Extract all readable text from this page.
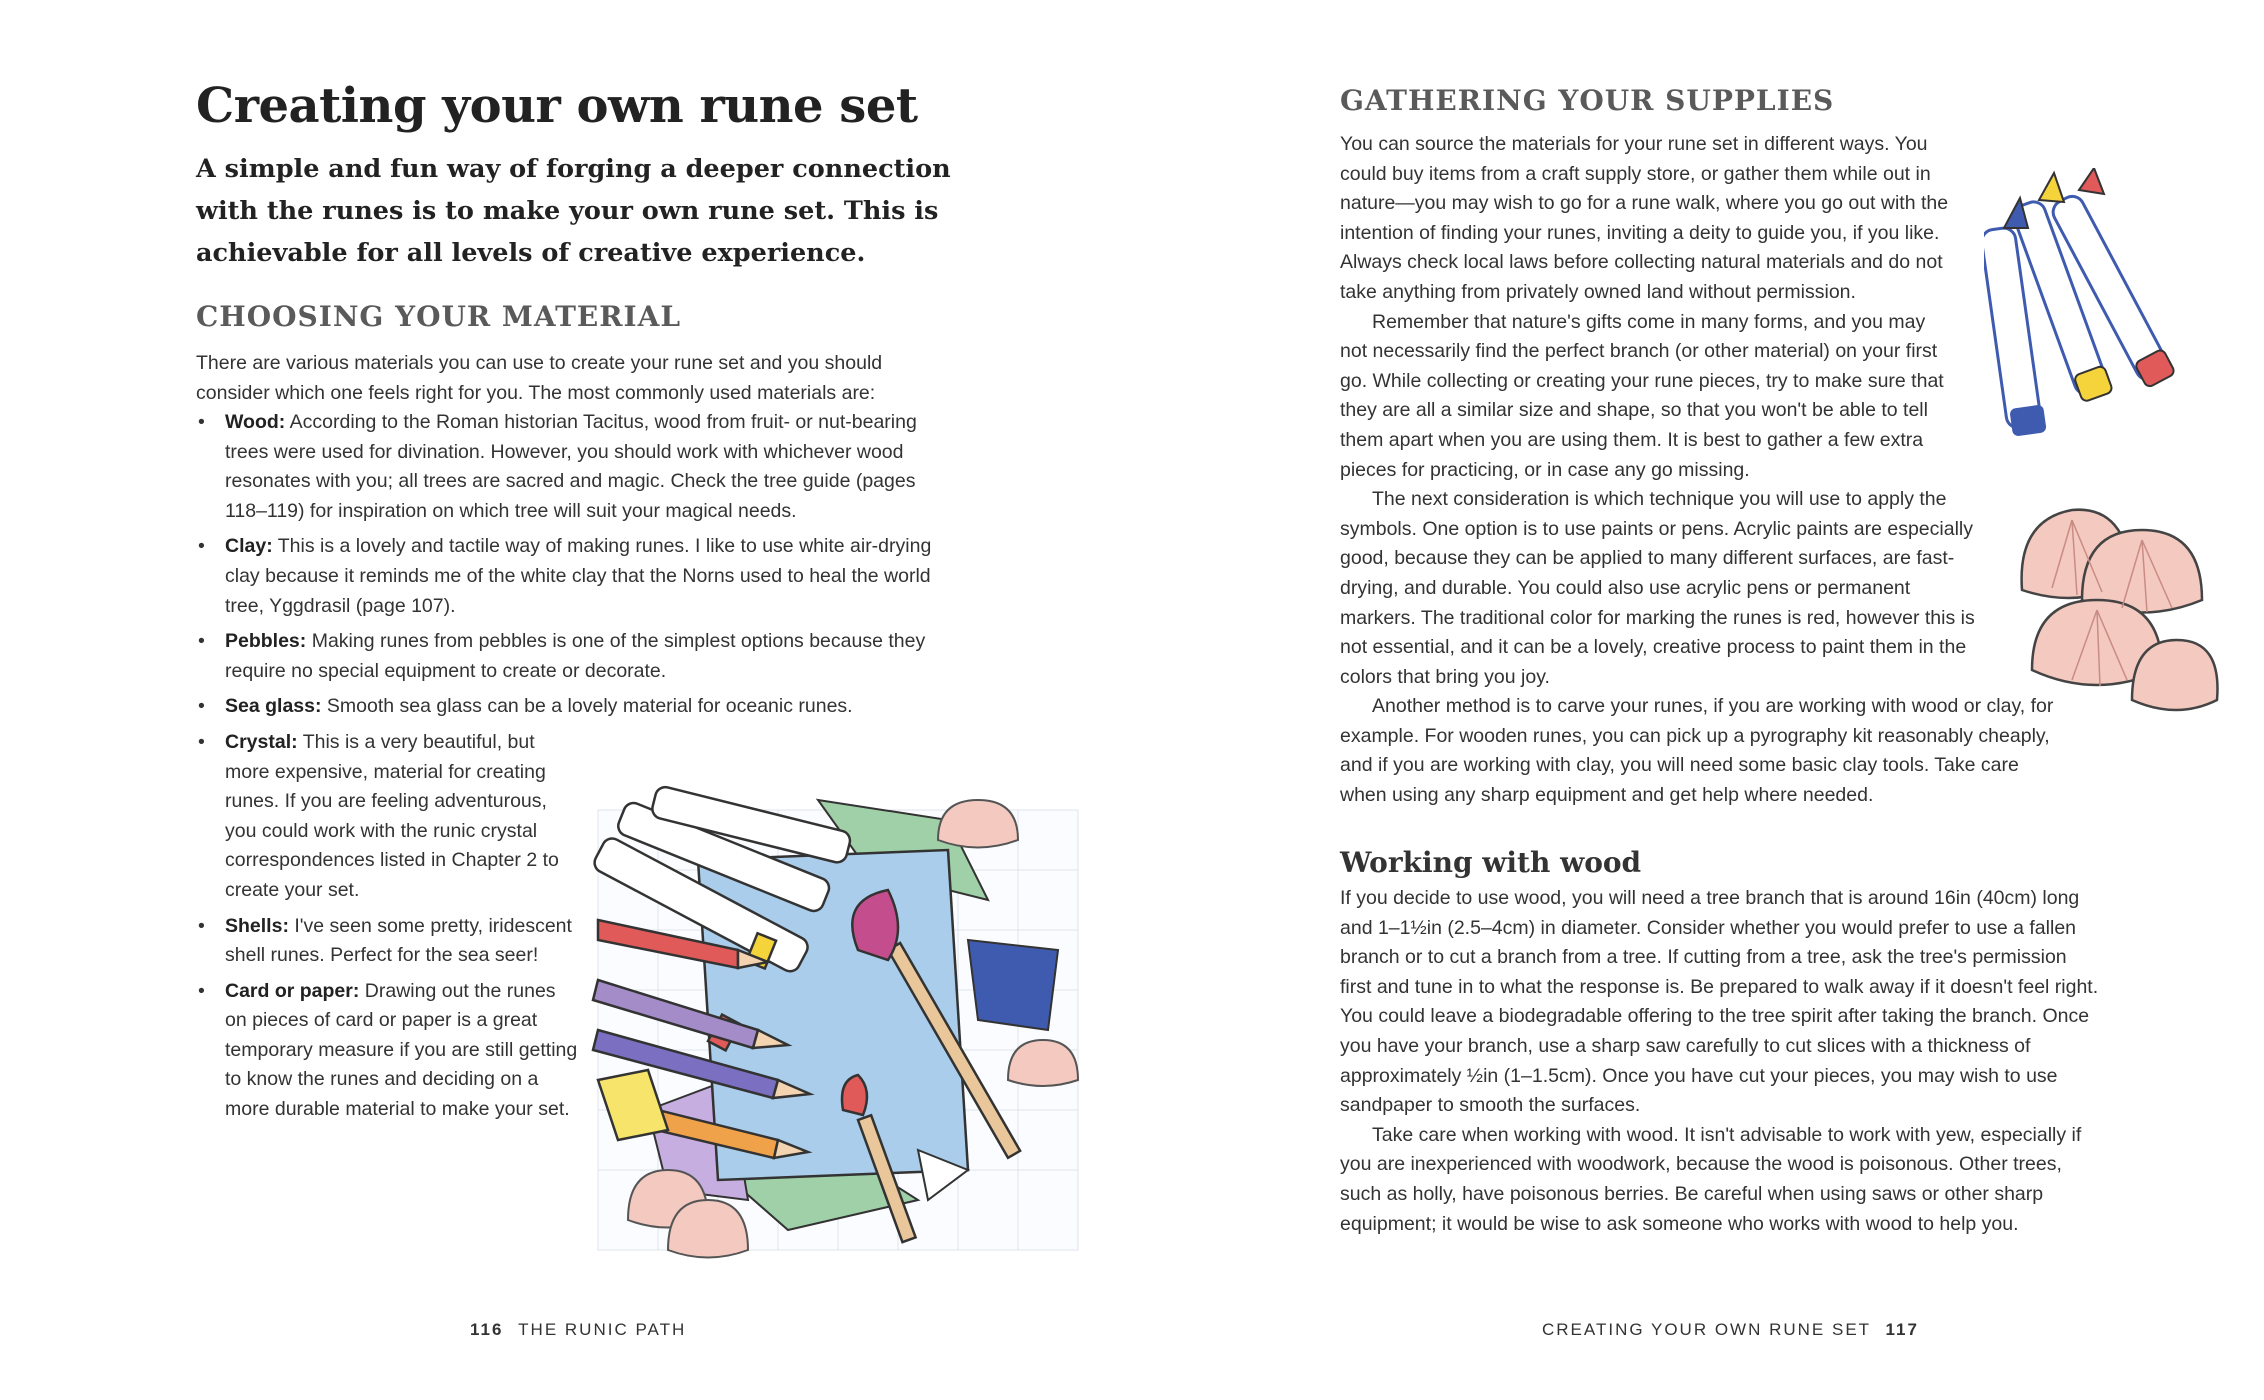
Creating your own rune set

A simple and fun way of forging a deeper connection with the runes is to make your own rune set. This is achievable for all levels of creative experience.

CHOOSING YOUR MATERIAL

There are various materials you can use to create your rune set and you should consider which one feels right for you. The most commonly used materials are:

• Wood: According to the Roman historian Tacitus, wood from fruit- or nut-bearing trees were used for divination. However, you should work with whichever wood resonates with you; all trees are sacred and magic. Check the tree guide (pages 118–119) for inspiration on which tree will suit your magical needs.
• Clay: This is a lovely and tactile way of making runes. I like to use white air-drying clay because it reminds me of the white clay that the Norns used to heal the world tree, Yggdrasil (page 107).
• Pebbles: Making runes from pebbles is one of the simplest options because they require no special equipment to create or decorate.
• Sea glass: Smooth sea glass can be a lovely material for oceanic runes.
• Crystal: This is a very beautiful, but more expensive, material for creating runes. If you are feeling adventurous, you could work with the runic crystal correspondences listed in Chapter 2 to create your set.
• Shells: I've seen some pretty, iridescent shell runes. Perfect for the sea seer!
• Card or paper: Drawing out the runes on pieces of card or paper is a great temporary measure if you are still getting to know the runes and deciding on a more durable material to make your set.
116 THE RUNIC PATH
GATHERING YOUR SUPPLIES

You can source the materials for your rune set in different ways. You could buy items from a craft supply store, or gather them while out in nature—you may wish to go for a rune walk, where you go out with the intention of finding your runes, inviting a deity to guide you, if you like. Always check local laws before collecting natural materials and do not take anything from privately owned land without permission.

Remember that nature's gifts come in many forms, and you may not necessarily find the perfect branch (or other material) on your first go. While collecting or creating your rune pieces, try to make sure that they are all a similar size and shape, so that you won't be able to tell them apart when you are using them. It is best to gather a few extra pieces for practicing, or in case any go missing.

The next consideration is which technique you will use to apply the symbols. One option is to use paints or pens. Acrylic paints are especially good, because they can be applied to many different surfaces, are fast-drying, and durable. You could also use acrylic pens or permanent markers. The traditional color for marking the runes is red, however this is not essential, and it can be a lovely, creative process to paint them in the colors that bring you joy.

Another method is to carve your runes, if you are working with wood or clay, for example. For wooden runes, you can pick up a pyrography kit reasonably cheaply, and if you are working with clay, you will need some basic clay tools. Take care when using any sharp equipment and get help where needed.

Working with wood

If you decide to use wood, you will need a tree branch that is around 16in (40cm) long and 1–1½in (2.5–4cm) in diameter. Consider whether you would prefer to use a fallen branch or to cut a branch from a tree. If cutting from a tree, ask the tree's permission first and tune in to what the response is. Be prepared to walk away if it doesn't feel right. You could leave a biodegradable offering to the tree spirit after taking the branch. Once you have your branch, use a sharp saw carefully to cut slices with a thickness of approximately ½in (1–1.5cm). Once you have cut your pieces, you may wish to use sandpaper to smooth the surfaces.

Take care when working with wood. It isn't advisable to work with yew, especially if you are inexperienced with woodwork, because the wood is poisonous. Other trees, such as holly, have poisonous berries. Be careful when using saws or other sharp equipment; it would be wise to ask someone who works with wood to help you.

CREATING YOUR OWN RUNE SET 117
